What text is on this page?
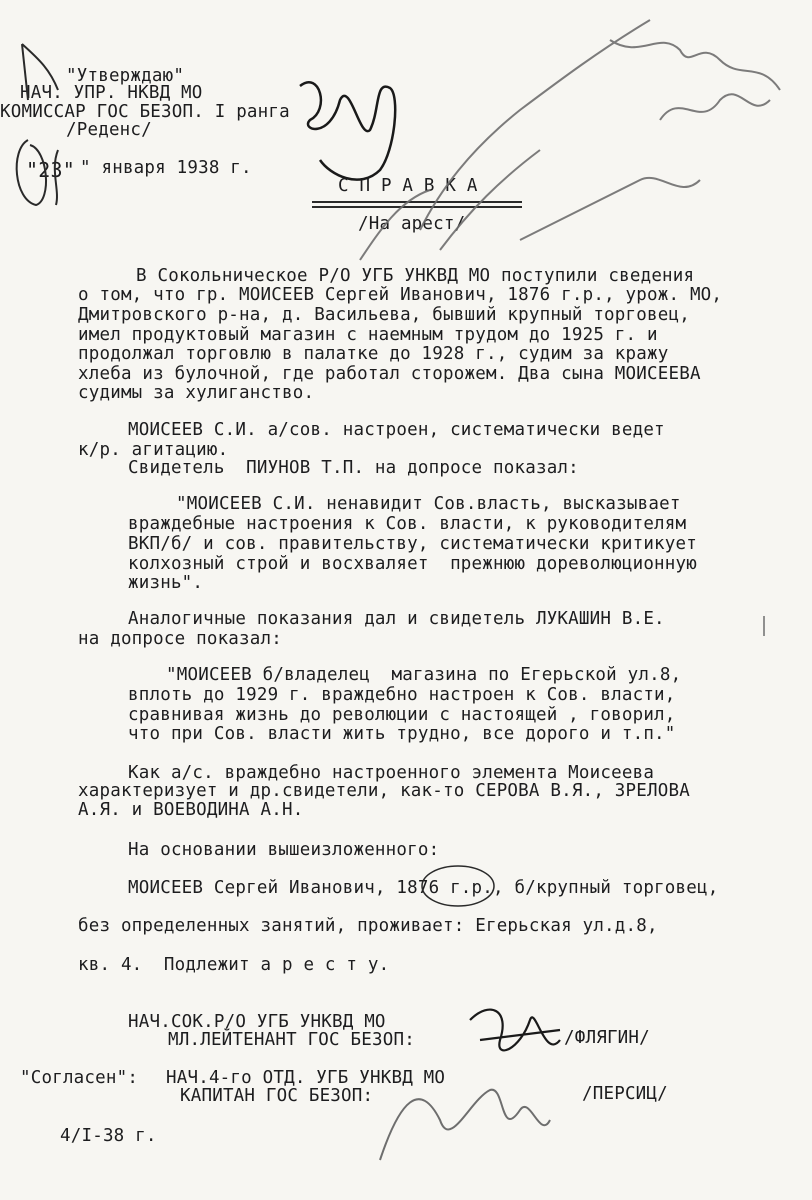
"Утверждаю"
НАЧ. УПР. НКВД МО
КОМИССАР ГОС БЕЗОП. I ранга
/Реденс/
"23" " января 1938 г.
С П Р А В К А
/На арест/
В Сокольническое Р/О УГБ УНКВД МО поступили сведения
о том, что гр. МОИСЕЕВ Сергей Иванович, 1876 г.р., урож. МО,
Дмитровского р-на, д. Васильева, бывший крупный торговец,
имел продуктовый магазин с наемным трудом до 1925 г. и
продолжал торговлю в палатке до 1928 г., судим за кражу
хлеба из булочной, где работал сторожем. Два сына МОИСЕЕВА
судимы за хулиганство.
МОИСЕЕВ С.И. а/сов. настроен, систематически ведет
к/р. агитацию.
Свидетель  ПИУНОВ Т.П. на допросе показал:
"МОИСЕЕВ С.И. ненавидит Сов.власть, высказывает
враждебные настроения к Сов. власти, к руководителям
ВКП/б/ и сов. правительству, систематически критикует
колхозный строй и восхваляет  прежнюю дореволюционную
жизнь".
Аналогичные показания дал и свидетель ЛУКАШИН В.Е.
на допросе показал:
"МОИСЕЕВ б/владелец  магазина по Егерьской ул.8,
вплоть до 1929 г. враждебно настроен к Сов. власти,
сравнивая жизнь до революции с настоящей , говорил,
что при Сов. власти жить трудно, все дорого и т.п."
Как а/с. враждебно настроенного элемента Моисеева
характеризует и др.свидетели, как-то СЕРОВА В.Я., ЗРЕЛОВА
А.Я. и ВОЕВОДИНА А.Н.
На основании вышеизложенного:
МОИСЕЕВ Сергей Иванович, 1876 г.р., б/крупный торговец,
без определенных занятий, проживает: Егерьская ул.д.8,
кв. 4.  Подлежит а р е с т у.
НАЧ.СОК.Р/О УГБ УНКВД МО
МЛ.ЛЕЙТЕНАНТ ГОС БЕЗОП:	/ФЛЯГИН/
"Согласен": НАЧ.4-го ОТД. УГБ УНКВД МО
КАПИТАН ГОС БЕЗОП:	/ПЕРСИЦ/
4/I-38 г.
